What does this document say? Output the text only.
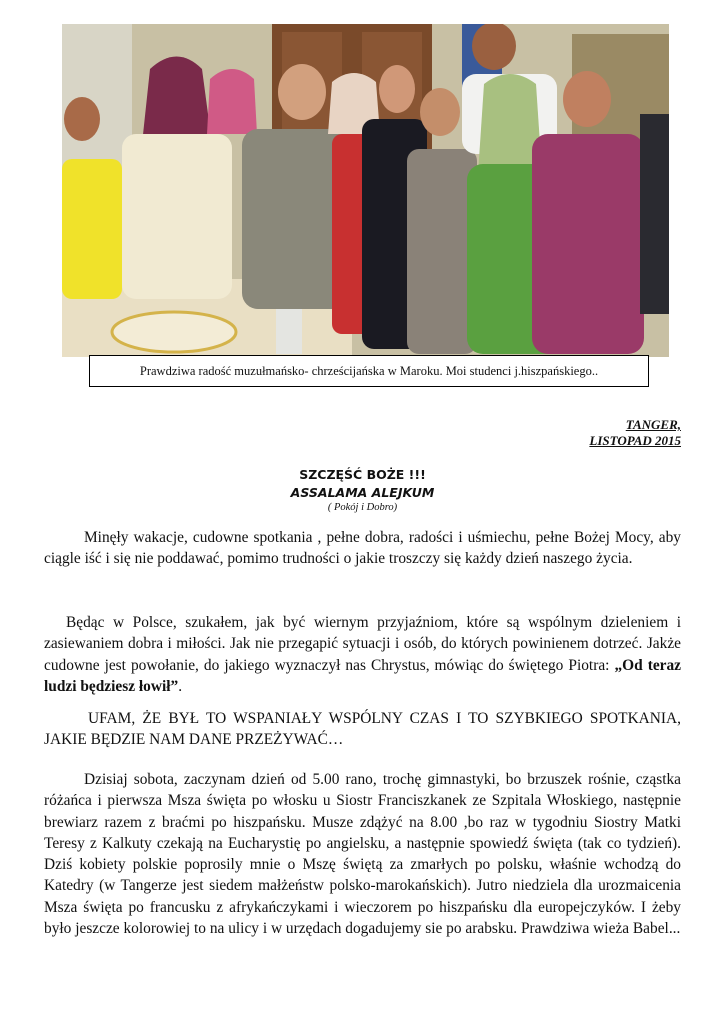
Prawdziwa radość muzułmańsko- chrześcijańska w Maroku. Moi studenci j.hiszpańskiego..
TANGER,
LISTOPAD 2015
SZCZĘŚĆ BOŻE !!!
ASSALAMA ALEJKUM
( Pokój i Dobro)

Minęły wakacje, cudowne spotkania , pełne dobra, radości i uśmiechu, pełne Bożej Mocy, aby ciągle iść i się nie poddawać, pomimo trudności o jakie troszczy się każdy dzień naszego życia.

Będąc w Polsce, szukałem, jak być wiernym przyjaźniom, które są wspólnym dzieleniem i zasiewaniem dobra i miłości. Jak nie przegapić sytuacji i osób, do których powinienem dotrzeć. Jakże cudowne jest powołanie, do jakiego wyznaczył nas Chrystus, mówiąc do świętego Piotra: „Od teraz ludzi będziesz łowił”.

UFAM, ŻE BYŁ TO WSPANIAŁY WSPÓLNY CZAS I TO SZYBKIEGO SPOTKANIA, JAKIE BĘDZIE NAM DANE PRZEŻYWAĆ…

Dzisiaj sobota, zaczynam dzień od 5.00 rano, trochę gimnastyki, bo brzuszek rośnie, cząstka różańca i pierwsza Msza święta po włosku u Siostr Franciszkanek ze Szpitala Włoskiego, następnie brewiarz razem z braćmi po hiszpańsku. Musze zdążyć na 8.00 ,bo raz w tygodniu Siostry Matki Teresy z Kalkuty czekają na Eucharystię po angielsku, a następnie spowiedź święta (tak co tydzień). Dziś kobiety polskie poprosily mnie o Mszę świętą za zmarłych po polsku, właśnie wchodzą do Katedry (w Tangerze jest siedem małżeństw polsko-marokańskich). Jutro niedziela dla urozmaicenia Msza święta po francusku z afrykańczykami i wieczorem po hiszpańsku dla europejczyków. I żeby było jeszcze kolorowiej to na ulicy i w urzędach dogadujemy sie po arabsku. Prawdziwa wieża Babel...
